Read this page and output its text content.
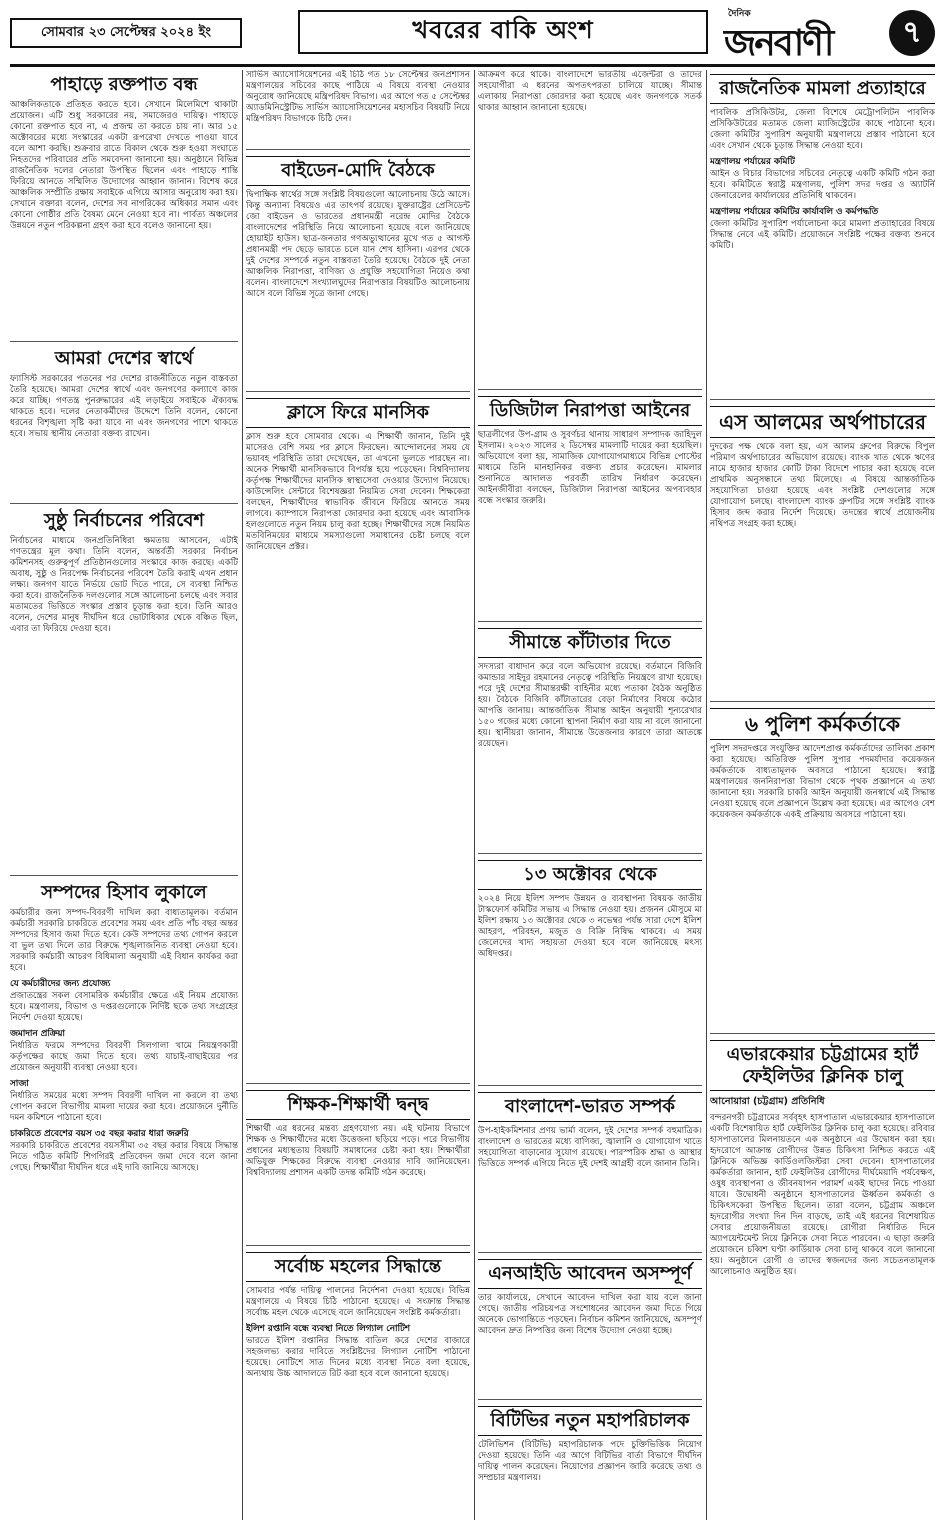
সোমবার ২৩ সেপ্টেম্বর ২০২৪ ইং	খবরের বাকি অংশ
দৈনিক
জনবাণী	৭
পাহাড়ে রক্তপাত বন্ধ
আঞ্চলিকতাকে প্রতিহত করতে হবে। সেখানে মিলেমিশে থাকাটা প্রয়োজন। এটি শুধু সরকারের নয়, সমাজেরও দায়িত্ব। পাহাড়ে কোনো রক্তপাত হবে না, এ প্রজন্ম তা করতে চায় না। আর ১৫ অক্টোবরের মধ্যে সংস্কারের একটা রূপরেখা দেখতে পাওয়া যাবে বলে আশা করছি। শুক্রবার রাতে বিকাল থেকে শুরু হওয়া সংঘাতে নিহতদের পরিবারের প্রতি সমবেদনা জানানো হয়। অনুষ্ঠানে বিভিন্ন রাজনৈতিক দলের নেতারা উপস্থিত ছিলেন এবং পাহাড়ে শান্তি ফিরিয়ে আনতে সম্মিলিত উদ্যোগের আহ্বান জানান। বিশেষ করে আঞ্চলিক সম্প্রীতি রক্ষায় সবাইকে এগিয়ে আসার অনুরোধ করা হয়। সেখানে বক্তারা বলেন, দেশের সব নাগরিকের অধিকার সমান এবং কোনো গোষ্ঠীর প্রতি বৈষম্য মেনে নেওয়া হবে না। পার্বত্য অঞ্চলের উন্নয়নে নতুন পরিকল্পনা গ্রহণ করা হবে বলেও জানানো হয়।
আমরা দেশের স্বার্থে
ফ্যাসিস্ট সরকারের পতনের পর দেশের রাজনীতিতে নতুন বাস্তবতা তৈরি হয়েছে। আমরা দেশের স্বার্থে এবং জনগণের কল্যাণে কাজ করে যাচ্ছি। গণতন্ত্র পুনরুদ্ধারের এই লড়াইয়ে সবাইকে ঐক্যবদ্ধ থাকতে হবে। দলের নেতাকর্মীদের উদ্দেশে তিনি বলেন, কোনো ধরনের বিশৃঙ্খলা সৃষ্টি করা যাবে না এবং জনগণের পাশে থাকতে হবে। সভায় স্থানীয় নেতারা বক্তব্য রাখেন।
সুষ্ঠু নির্বাচনের পরিবেশ
নির্বাচনের মাধ্যমে জনপ্রতিনিধিরা ক্ষমতায় আসবেন, এটাই গণতন্ত্রের মূল কথা। তিনি বলেন, অন্তর্বর্তী সরকার নির্বাচন কমিশনসহ গুরুত্বপূর্ণ প্রতিষ্ঠানগুলোর সংস্কারে কাজ করছে। একটি অবাধ, সুষ্ঠু ও নিরপেক্ষ নির্বাচনের পরিবেশ তৈরি করাই এখন প্রধান লক্ষ্য। জনগণ যাতে নির্ভয়ে ভোট দিতে পারে, সে ব্যবস্থা নিশ্চিত করা হবে। রাজনৈতিক দলগুলোর সঙ্গে আলোচনা চলছে এবং সবার মতামতের ভিত্তিতে সংস্কার প্রস্তাব চূড়ান্ত করা হবে। তিনি আরও বলেন, দেশের মানুষ দীর্ঘদিন ধরে ভোটাধিকার থেকে বঞ্চিত ছিল, এবার তা ফিরিয়ে দেওয়া হবে।
সম্পদের হিসাব লুকালে
কর্মচারীর জন্য সম্পদ-বিবরণী দাখিল করা বাধ্যতামূলক। বর্তমান কর্মচারী সরকারি চাকরিতে প্রবেশের সময় এবং প্রতি পাঁচ বছর অন্তর সম্পদের হিসাব জমা দিতে হবে। কেউ সম্পদের তথ্য গোপন করলে বা ভুল তথ্য দিলে তার বিরুদ্ধে শৃঙ্খলাজনিত ব্যবস্থা নেওয়া হবে। সরকারি কর্মচারী আচরণ বিধিমালা অনুযায়ী এই বিধান কার্যকর করা হবে।
যে কর্মচারীদের জন্য প্রযোজ্য
প্রজাতন্ত্রের সকল বেসামরিক কর্মচারীর ক্ষেত্রে এই নিয়ম প্রযোজ্য হবে। মন্ত্রণালয়, বিভাগ ও দপ্তরগুলোকে নির্দিষ্ট ছকে তথ্য সংগ্রহের নির্দেশ দেওয়া হয়েছে।
জমাদান প্রক্রিয়া
নির্ধারিত ফরমে সম্পদের বিবরণী সিলগালা খামে নিয়ন্ত্রণকারী কর্তৃপক্ষের কাছে জমা দিতে হবে। তথ্য যাচাই-বাছাইয়ের পর প্রয়োজন অনুযায়ী ব্যবস্থা নেওয়া হবে।
সাজা
নির্ধারিত সময়ের মধ্যে সম্পদ বিবরণী দাখিল না করলে বা তথ্য গোপন করলে বিভাগীয় মামলা দায়ের করা হবে। প্রয়োজনে দুর্নীতি দমন কমিশনে পাঠানো হবে।
চাকরিতে প্রবেশের বয়স ৩৫ বছর করার ধারা জরুরি
সরকারি চাকরিতে প্রবেশের বয়সসীমা ৩৫ বছর করার বিষয়ে সিদ্ধান্ত নিতে গঠিত কমিটি শিগগিরই প্রতিবেদন জমা দেবে বলে জানা গেছে। শিক্ষার্থীরা দীর্ঘদিন ধরে এই দাবি জানিয়ে আসছে।
সার্ভিস অ্যাসোসিয়েশনের এই চিঠি গত ১৮ সেপ্টেম্বর জনপ্রশাসন মন্ত্রণালয়ের সচিবের কাছে পাঠিয়ে এ বিষয়ে ব্যবস্থা নেওয়ার অনুরোধ জানিয়েছে মন্ত্রিপরিষদ বিভাগ। এর আগে গত ৫ সেপ্টেম্বর অ্যাডমিনিস্ট্রেটিভ সার্ভিস অ্যাসোসিয়েশনের মহাসচিব বিষয়টি নিয়ে মন্ত্রিপরিষদ বিভাগকে চিঠি দেন।
বাইডেন-মোদি বৈঠকে
দ্বিপাক্ষিক স্বার্থের সঙ্গে সংশ্লিষ্ট বিষয়গুলো আলোচনায় উঠে আসে। কিন্তু অন্যান্য বিষয়েও এর তাৎপর্য রয়েছে। যুক্তরাষ্ট্রের প্রেসিডেন্ট জো বাইডেন ও ভারতের প্রধানমন্ত্রী নরেন্দ্র মোদির বৈঠকে বাংলাদেশের পরিস্থিতি নিয়ে আলোচনা হয়েছে বলে জানিয়েছে হোয়াইট হাউস। ছাত্র-জনতার গণঅভ্যুত্থানের মুখে গত ৫ আগস্ট প্রধানমন্ত্রী পদ ছেড়ে ভারতে চলে যান শেখ হাসিনা। এরপর থেকে দুই দেশের সম্পর্কে নতুন বাস্তবতা তৈরি হয়েছে। বৈঠকে দুই নেতা আঞ্চলিক নিরাপত্তা, বাণিজ্য ও প্রযুক্তি সহযোগিতা নিয়েও কথা বলেন। বাংলাদেশে সংখ্যালঘুদের নিরাপত্তার বিষয়টিও আলোচনায় আসে বলে বিভিন্ন সূত্রে জানা গেছে।
ক্লাসে ফিরে মানসিক
ক্লাস শুরু হবে সোমবার থেকে। এ শিক্ষার্থী জানান, তিনি দুই মাসেরও বেশি সময় পর ক্লাসে ফিরছেন। আন্দোলনের সময় যে ভয়াবহ পরিস্থিতি তারা দেখেছেন, তা এখনো ভুলতে পারছেন না। অনেক শিক্ষার্থী মানসিকভাবে বিপর্যস্ত হয়ে পড়েছেন। বিশ্ববিদ্যালয় কর্তৃপক্ষ শিক্ষার্থীদের মানসিক স্বাস্থ্যসেবা দেওয়ার উদ্যোগ নিয়েছে। কাউন্সেলিং সেন্টারে বিশেষজ্ঞরা নিয়মিত সেবা দেবেন। শিক্ষকেরা বলছেন, শিক্ষার্থীদের স্বাভাবিক জীবনে ফিরিয়ে আনতে সময় লাগবে। ক্যাম্পাসে নিরাপত্তা জোরদার করা হয়েছে এবং আবাসিক হলগুলোতে নতুন নিয়ম চালু করা হচ্ছে। শিক্ষার্থীদের সঙ্গে নিয়মিত মতবিনিময়ের মাধ্যমে সমস্যাগুলো সমাধানের চেষ্টা চলছে বলে জানিয়েছেন প্রক্টর।
শিক্ষক-শিক্ষার্থী দ্বন্দ্ব
শিক্ষার্থী এর ধরনের মন্তব্য গ্রহণযোগ্য নয়। এই ঘটনায় বিভাগে শিক্ষক ও শিক্ষার্থীদের মধ্যে উত্তেজনা ছড়িয়ে পড়ে। পরে বিভাগীয় প্রধানের মধ্যস্থতায় বিষয়টি সমাধানের চেষ্টা করা হয়। শিক্ষার্থীরা অভিযুক্ত শিক্ষকের বিরুদ্ধে ব্যবস্থা নেওয়ার দাবি জানিয়েছেন। বিশ্ববিদ্যালয় প্রশাসন একটি তদন্ত কমিটি গঠন করেছে।
সর্বোচ্চ মহলের সিদ্ধান্তে
সোমবার পর্যন্ত দায়িত্ব পালনের নির্দেশনা দেওয়া হয়েছে। বিভিন্ন মন্ত্রণালয়ে এ বিষয়ে চিঠি পাঠানো হয়েছে। এ সংক্রান্ত সিদ্ধান্ত সর্বোচ্চ মহল থেকে এসেছে বলে জানিয়েছেন সংশ্লিষ্ট কর্মকর্তারা।
ইলিশ রপ্তানি বন্ধে ব্যবস্থা নিতে লিগ্যাল নোটিশ
ভারতে ইলিশ রপ্তানির সিদ্ধান্ত বাতিল করে দেশের বাজারে সহজলভ্য করার দাবিতে সংশ্লিষ্টদের লিগ্যাল নোটিশ পাঠানো হয়েছে। নোটিশে সাত দিনের মধ্যে ব্যবস্থা নিতে বলা হয়েছে, অন্যথায় উচ্চ আদালতে রিট করা হবে বলে জানানো হয়েছে।
আক্রমণ করে থাকে। বাংলাদেশে ভারতীয় এজেন্টরা ও তাদের সহযোগীরা এ ধরনের অপতৎপরতা চালিয়ে যাচ্ছে। সীমান্ত এলাকায় নিরাপত্তা জোরদার করা হয়েছে এবং জনগণকে সতর্ক থাকার আহ্বান জানানো হয়েছে।
ডিজিটাল নিরাপত্তা আইনের
ছাত্রলীগের উপ-গ্রাম ও সুবর্ণচর থানায় সাধারণ সম্পাদক জাহিদুল ইসলাম। ২০২৩ সালের ২ ডিসেম্বর মামলাটি দায়ের করা হয়েছিল। অভিযোগে বলা হয়, সামাজিক যোগাযোগমাধ্যমে বিভিন্ন পোস্টের মাধ্যমে তিনি মানহানিকর বক্তব্য প্রচার করেছেন। মামলার শুনানিতে আদালত পরবর্তী তারিখ নির্ধারণ করেছেন। আইনজীবীরা বলছেন, ডিজিটাল নিরাপত্তা আইনের অপব্যবহার বন্ধে সংস্কার জরুরি।
সীমান্তে কাঁটাতার দিতে
সদস্যরা বাধাদান করে বলে অভিযোগ রয়েছে। বর্তমানে বিজিবি কমান্ডার সাইদুর রহমানের নেতৃত্বে পরিস্থিতি নিয়ন্ত্রণে রাখা হয়েছে। পরে দুই দেশের সীমান্তরক্ষী বাহিনীর মধ্যে পতাকা বৈঠক অনুষ্ঠিত হয়। বৈঠকে বিজিবি কাঁটাতারের বেড়া নির্মাণের বিষয়ে কঠোর আপত্তি জানায়। আন্তর্জাতিক সীমান্ত আইন অনুযায়ী শূন্যরেখার ১৫০ গজের মধ্যে কোনো স্থাপনা নির্মাণ করা যায় না বলে জানানো হয়। স্থানীয়রা জানান, সীমান্তে উত্তেজনার কারণে তারা আতঙ্কে রয়েছেন।
১৩ অক্টোবর থেকে
২০২৪ নিয়ে ইলিশ সম্পদ উন্নয়ন ও ব্যবস্থাপনা বিষয়ক জাতীয় টাস্কফোর্স কমিটির সভায় এ সিদ্ধান্ত নেওয়া হয়। প্রজনন মৌসুমে মা ইলিশ রক্ষায় ১৩ অক্টোবর থেকে ৩ নভেম্বর পর্যন্ত সারা দেশে ইলিশ আহরণ, পরিবহন, মজুত ও বিক্রি নিষিদ্ধ থাকবে। এ সময় জেলেদের খাদ্য সহায়তা দেওয়া হবে বলে জানিয়েছে মৎস্য অধিদপ্তর।
বাংলাদেশ-ভারত সম্পর্ক
উপ-হাইকমিশনার প্রণয় ভার্মা বলেন, দুই দেশের সম্পর্ক বহুমাত্রিক। বাংলাদেশ ও ভারতের মধ্যে বাণিজ্য, জ্বালানি ও যোগাযোগ খাতে সহযোগিতা বাড়ানোর সুযোগ রয়েছে। পারস্পরিক শ্রদ্ধা ও আস্থার ভিত্তিতে সম্পর্ক এগিয়ে নিতে দুই দেশই আগ্রহী বলে জানান তিনি।
এনআইডি আবেদন অসম্পূর্ণ
তার কার্যালয়ে, সেখানে আবেদন দাখিল করা যায় বলে জানা গেছে। জাতীয় পরিচয়পত্র সংশোধনের আবেদন জমা দিতে গিয়ে অনেকে ভোগান্তিতে পড়ছেন। নির্বাচন কমিশন জানিয়েছে, অসম্পূর্ণ আবেদন দ্রুত নিষ্পত্তির জন্য বিশেষ উদ্যোগ নেওয়া হচ্ছে।
বিটিভির নতুন মহাপরিচালক
টেলিভিশন (বিটিভি) মহাপরিচালক পদে চুক্তিভিত্তিক নিয়োগ দেওয়া হয়েছে। তিনি এর আগে বিটিভির বার্তা বিভাগে দীর্ঘদিন দায়িত্ব পালন করেছেন। নিয়োগের প্রজ্ঞাপন জারি করেছে তথ্য ও সম্প্রচার মন্ত্রণালয়।
রাজনৈতিক মামলা প্রত্যাহারে
পাবলিক প্রসিকিউটর, জেলা বিশেষে মেট্রোপলিটন পাবলিক প্রসিকিউটরের মতামত জেলা ম্যাজিস্ট্রেটের কাছে পাঠানো হবে। জেলা কমিটির সুপারিশ অনুযায়ী মন্ত্রণালয়ে প্রস্তাব পাঠানো হবে এবং সেখান থেকে চূড়ান্ত সিদ্ধান্ত নেওয়া হবে।
মন্ত্রণালয় পর্যায়ের কমিটি
আইন ও বিচার বিভাগের সচিবের নেতৃত্বে একটি কমিটি গঠন করা হবে। কমিটিতে স্বরাষ্ট্র মন্ত্রণালয়, পুলিশ সদর দপ্তর ও অ্যাটর্নি জেনারেলের কার্যালয়ের প্রতিনিধি থাকবেন।
মন্ত্রণালয় পর্যায়ের কমিটির কার্যাবলি ও কর্মপদ্ধতি
জেলা কমিটির সুপারিশ পর্যালোচনা করে মামলা প্রত্যাহারের বিষয়ে সিদ্ধান্ত নেবে এই কমিটি। প্রয়োজনে সংশ্লিষ্ট পক্ষের বক্তব্য শুনবে কমিটি।
এস আলমের অর্থপাচারের
দুদকের পক্ষ থেকে বলা হয়, এস আলম গ্রুপের বিরুদ্ধে বিপুল পরিমাণ অর্থপাচারের অভিযোগ রয়েছে। ব্যাংক খাত থেকে ঋণের নামে হাজার হাজার কোটি টাকা বিদেশে পাচার করা হয়েছে বলে প্রাথমিক অনুসন্ধানে তথ্য মিলেছে। এ বিষয়ে আন্তর্জাতিক সহযোগিতা চাওয়া হয়েছে এবং সংশ্লিষ্ট দেশগুলোর সঙ্গে যোগাযোগ চলছে। বাংলাদেশ ব্যাংক গ্রুপটির সঙ্গে সংশ্লিষ্ট ব্যাংক হিসাব জব্দ করার নির্দেশ দিয়েছে। তদন্তের স্বার্থে প্রয়োজনীয় নথিপত্র সংগ্রহ করা হচ্ছে।
৬ পুলিশ কর্মকর্তাকে
পুলিশ সদরদপ্তরে সংযুক্তির আদেশপ্রাপ্ত কর্মকর্তাদের তালিকা প্রকাশ করা হয়েছে। অতিরিক্ত পুলিশ সুপার পদমর্যাদার কয়েকজন কর্মকর্তাকে বাধ্যতামূলক অবসরে পাঠানো হয়েছে। স্বরাষ্ট্র মন্ত্রণালয়ের জননিরাপত্তা বিভাগ থেকে পৃথক প্রজ্ঞাপনে এ তথ্য জানানো হয়। সরকারি চাকরি আইন অনুযায়ী জনস্বার্থে এই সিদ্ধান্ত নেওয়া হয়েছে বলে প্রজ্ঞাপনে উল্লেখ করা হয়েছে। এর আগেও বেশ কয়েকজন কর্মকর্তাকে একই প্রক্রিয়ায় অবসরে পাঠানো হয়।
এভারকেয়ার চট্টগ্রামের হার্ট ফেইলিউর ক্লিনিক চালু
আনোয়ারা (চট্টগ্রাম) প্রতিনিধি
বন্দরনগরী চট্টগ্রামের সর্ববৃহৎ হাসপাতাল এভারকেয়ার হাসপাতালে একটি বিশেষায়িত হার্ট ফেইলিউর ক্লিনিক চালু করা হয়েছে। রবিবার হাসপাতালের মিলনায়তনে এক অনুষ্ঠানে এর উদ্বোধন করা হয়। হৃদরোগে আক্রান্ত রোগীদের উন্নত চিকিৎসা নিশ্চিত করতে এই ক্লিনিকে অভিজ্ঞ কার্ডিওলজিস্টরা সেবা দেবেন। হাসপাতালের কর্মকর্তারা জানান, হার্ট ফেইলিউর রোগীদের দীর্ঘমেয়াদি পর্যবেক্ষণ, ওষুধ ব্যবস্থাপনা ও জীবনযাপন পরামর্শ একই ছাদের নিচে পাওয়া যাবে। উদ্বোধনী অনুষ্ঠানে হাসপাতালের ঊর্ধ্বতন কর্মকর্তা ও চিকিৎসকেরা উপস্থিত ছিলেন। তারা বলেন, চট্টগ্রাম অঞ্চলে হৃদরোগীর সংখ্যা দিন দিন বাড়ছে, তাই এই ধরনের বিশেষায়িত সেবার প্রয়োজনীয়তা রয়েছে। রোগীরা নির্ধারিত দিনে অ্যাপয়েন্টমেন্ট নিয়ে ক্লিনিকে সেবা নিতে পারবেন। এ ছাড়া জরুরি প্রয়োজনে চব্বিশ ঘণ্টা কার্ডিয়াক সেবা চালু থাকবে বলে জানানো হয়। অনুষ্ঠানে রোগী ও তাদের স্বজনদের জন্য সচেতনতামূলক আলোচনাও অনুষ্ঠিত হয়।
